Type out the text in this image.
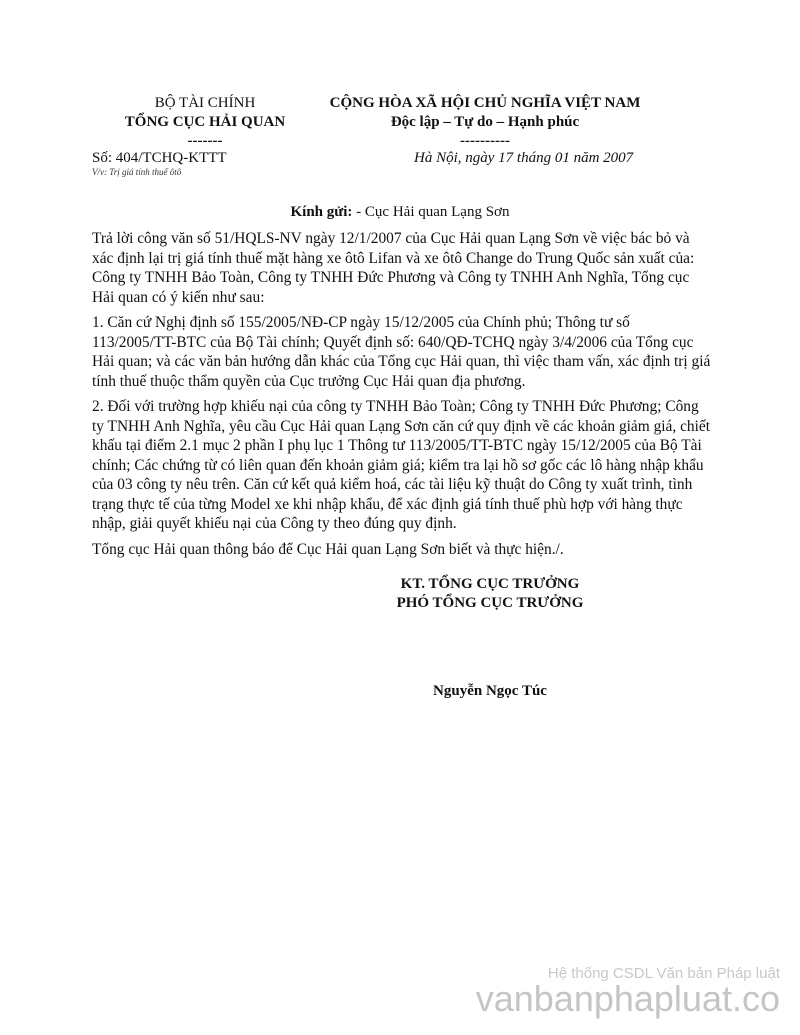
BỘ TÀI CHÍNH
TỔNG CỤC HẢI QUAN
-------
CỘNG HÒA XÃ HỘI CHỦ NGHĨA VIỆT NAM
Độc lập – Tự do – Hạnh phúc
----------
Số: 404/TCHQ-KTTT
V/v: Trị giá tính thuế ôtô
Hà Nội, ngày 17 tháng 01 năm 2007
Kính gửi: - Cục Hải quan Lạng Sơn

Trả lời công văn số 51/HQLS-NV ngày 12/1/2007 của Cục Hải quan Lạng Sơn về việc bác bỏ và xác định lại trị giá tính thuế mặt hàng xe ôtô Lifan và xe ôtô Change do Trung Quốc sản xuất của: Công ty TNHH Bảo Toàn, Công ty TNHH Đức Phương và Công ty TNHH Anh Nghĩa, Tổng cục Hải quan có ý kiến như sau:

1. Căn cứ Nghị định số 155/2005/NĐ-CP ngày 15/12/2005 của Chính phủ; Thông tư số 113/2005/TT-BTC của Bộ Tài chính; Quyết định số: 640/QĐ-TCHQ ngày 3/4/2006 của Tổng cục Hải quan; và các văn bản hướng dẫn khác của Tổng cục Hải quan, thì việc tham vấn, xác định trị giá tính thuế thuộc thẩm quyền của Cục trưởng Cục Hải quan địa phương.

2. Đối với trường hợp khiếu nại của công ty TNHH Bảo Toàn; Công ty TNHH Đức Phương; Công ty TNHH Anh Nghĩa, yêu cầu Cục Hải quan Lạng Sơn căn cứ quy định về các khoản giảm giá, chiết khấu tại điểm 2.1 mục 2 phần I phụ lục 1 Thông tư 113/2005/TT-BTC ngày 15/12/2005 của Bộ Tài chính; Các chứng từ có liên quan đến khoản giảm giá; kiểm tra lại hồ sơ gốc các lô hàng nhập khẩu của 03 công ty nêu trên. Căn cứ kết quả kiểm hoá, các tài liệu kỹ thuật do Công ty xuất trình, tình trạng thực tế của từng Model xe khi nhập khẩu, để xác định giá tính thuế phù hợp với hàng thực nhập, giải quyết khiếu nại của Công ty theo đúng quy định.

Tổng cục Hải quan thông báo để Cục Hải quan Lạng Sơn biết và thực hiện./.

KT. TỔNG CỤC TRƯỞNG
PHÓ TỔNG CỤC TRƯỞNG
Nguyễn Ngọc Túc
Hệ thống CSDL Văn bản Pháp luật
vanbanphapluat.co
